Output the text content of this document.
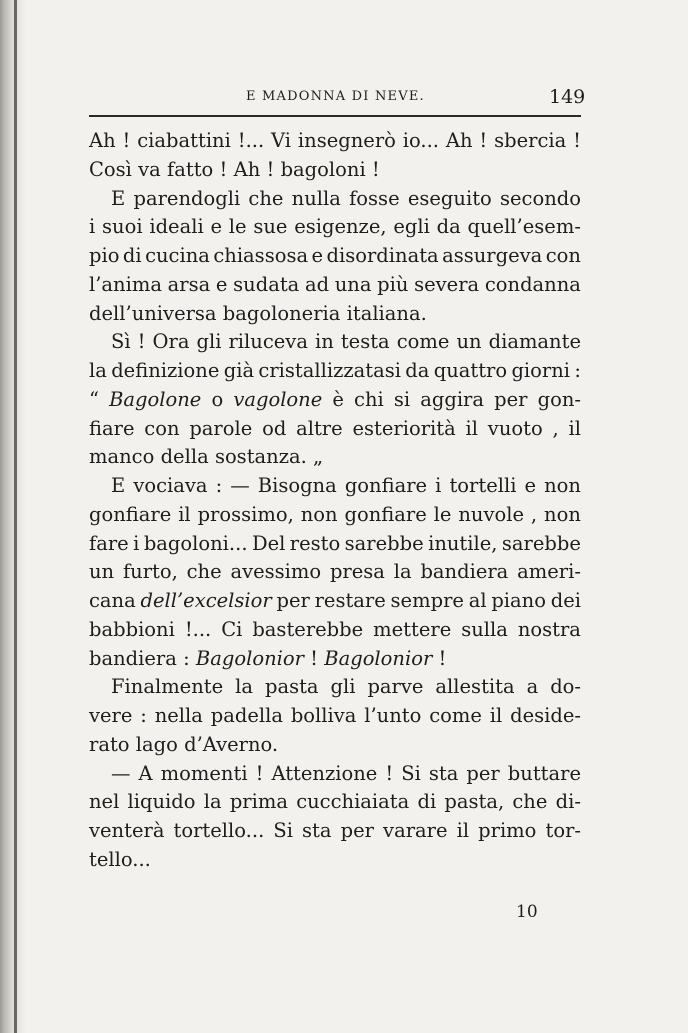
E MADONNA DI NEVE.	149
Ah ! ciabattini !... Vi insegnerò io... Ah ! sbercia !
Così va fatto ! Ah ! bagoloni !
E parendogli che nulla fosse eseguito secondo
i suoi ideali e le sue esigenze, egli da quell’esem-
pio di cucina chiassosa e disordinata assurgeva con
l’anima arsa e sudata ad una più severa condanna
dell’universa bagoloneria italiana.
Sì ! Ora gli riluceva in testa come un diamante
la definizione già cristallizzatasi da quattro giorni :
“ Bagolone o vagolone è chi si aggira per gon-
fiare con parole od altre esteriorità il vuoto , il
manco della sostanza. „
E vociava : — Bisogna gonfiare i tortelli e non
gonfiare il prossimo, non gonfiare le nuvole , non
fare i bagoloni... Del resto sarebbe inutile, sarebbe
un furto, che avessimo presa la bandiera ameri-
cana dell’excelsior per restare sempre al piano dei
babbioni !... Ci basterebbe mettere sulla nostra
bandiera : Bagolonior ! Bagolonior !
Finalmente la pasta gli parve allestita a do-
vere : nella padella bolliva l’unto come il deside-
rato lago d’Averno.
— A momenti ! Attenzione ! Si sta per buttare
nel liquido la prima cucchiaiata di pasta, che di-
venterà tortello... Si sta per varare il primo tor-
tello...
10
